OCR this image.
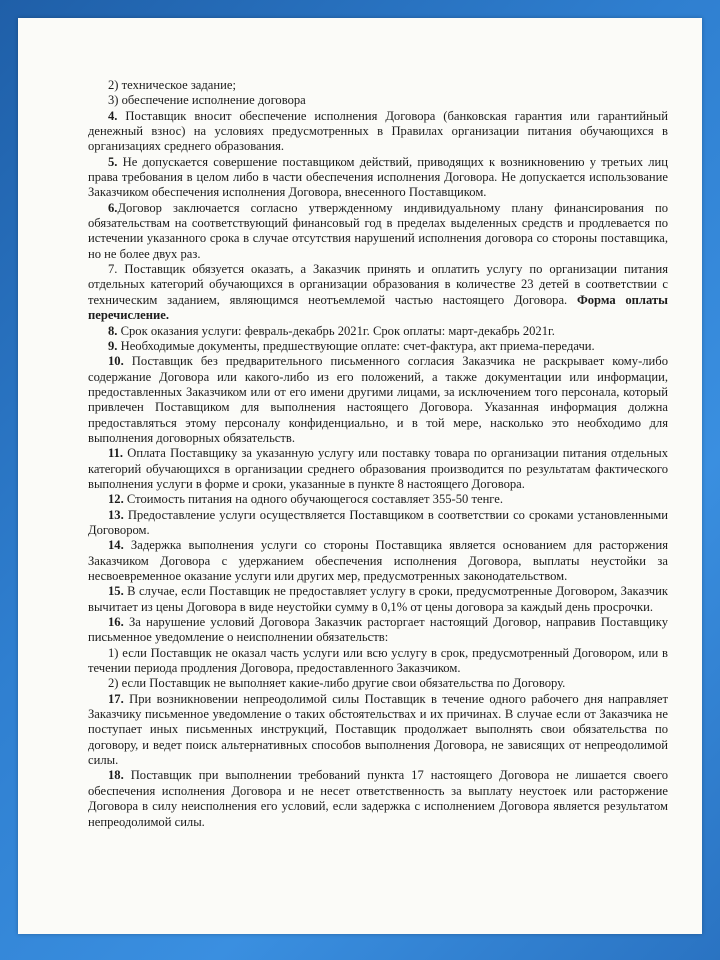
2) техническое задание;

3) обеспечение исполнение договора

4. Поставщик вносит обеспечение исполнения Договора (банковская гарантия или гарантийный денежный взнос) на условиях предусмотренных в Правилах организации питания обучающихся в организациях среднего образования.

5. Не допускается совершение поставщиком действий, приводящих к возникновению у третьих лиц права требования в целом либо в части обеспечения исполнения Договора. Не допускается использование Заказчиком обеспечения исполнения Договора, внесенного Поставщиком.

6.Договор заключается согласно утвержденному индивидуальному плану финансирования по обязательствам на соответствующий финансовый год в пределах выделенных средств и продлевается по истечении указанного срока в случае отсутствия нарушений исполнения договора со стороны поставщика, но не более двух раз.

7. Поставщик обязуется оказать, а Заказчик принять и оплатить услугу по организации питания отдельных категорий обучающихся в организации образования в количестве 23 детей в соответствии с техническим заданием, являющимся неотъемлемой частью настоящего Договора. Форма оплаты перечисление.

8. Срок оказания услуги: февраль-декабрь 2021г. Срок оплаты: март-декабрь 2021г.

9. Необходимые документы, предшествующие оплате: счет-фактура, акт приема-передачи.

10. Поставщик без предварительного письменного согласия Заказчика не раскрывает кому-либо содержание Договора или какого-либо из его положений, а также документации или информации, предоставленных Заказчиком или от его имени другими лицами, за исключением того персонала, который привлечен Поставщиком для выполнения настоящего Договора. Указанная информация должна предоставляться этому персоналу конфиденциально, и в той мере, насколько это необходимо для выполнения договорных обязательств.

11. Оплата Поставщику за указанную услугу или поставку товара по организации питания отдельных категорий обучающихся в организации среднего образования производится по результатам фактического выполнения услуги в форме и сроки, указанные в пункте 8 настоящего Договора.

12. Стоимость питания на одного обучающегося составляет 355-50 тенге.

13. Предоставление услуги осуществляется Поставщиком в соответствии со сроками установленными Договором.

14. Задержка выполнения услуги со стороны Поставщика является основанием для расторжения Заказчиком Договора с удержанием обеспечения исполнения Договора, выплаты неустойки за несвоевременное оказание услуги или других мер, предусмотренных законодательством.

15. В случае, если Поставщик не предоставляет услугу в сроки, предусмотренные Договором, Заказчик вычитает из цены Договора в виде неустойки сумму в 0,1% от цены договора за каждый день просрочки.

16. За нарушение условий Договора Заказчик расторгает настоящий Договор, направив Поставщику письменное уведомление о неисполнении обязательств:

1) если Поставщик не оказал часть услуги или всю услугу в срок, предусмотренный Договором, или в течении периода продления Договора, предоставленного Заказчиком.

2) если Поставщик не выполняет какие-либо другие свои обязательства по Договору.

17. При возникновении непреодолимой силы Поставщик в течение одного рабочего дня направляет Заказчику письменное уведомление о таких обстоятельствах и их причинах. В случае если от Заказчика не поступает иных письменных инструкций, Поставщик продолжает выполнять свои обязательства по договору, и ведет поиск альтернативных способов выполнения Договора, не зависящих от непреодолимой силы.

18. Поставщик при выполнении требований пункта 17 настоящего Договора не лишается своего обеспечения исполнения Договора и не несет ответственность за выплату неустоек или расторжение Договора в силу неисполнения его условий, если задержка с исполнением Договора является результатом непреодолимой силы.
